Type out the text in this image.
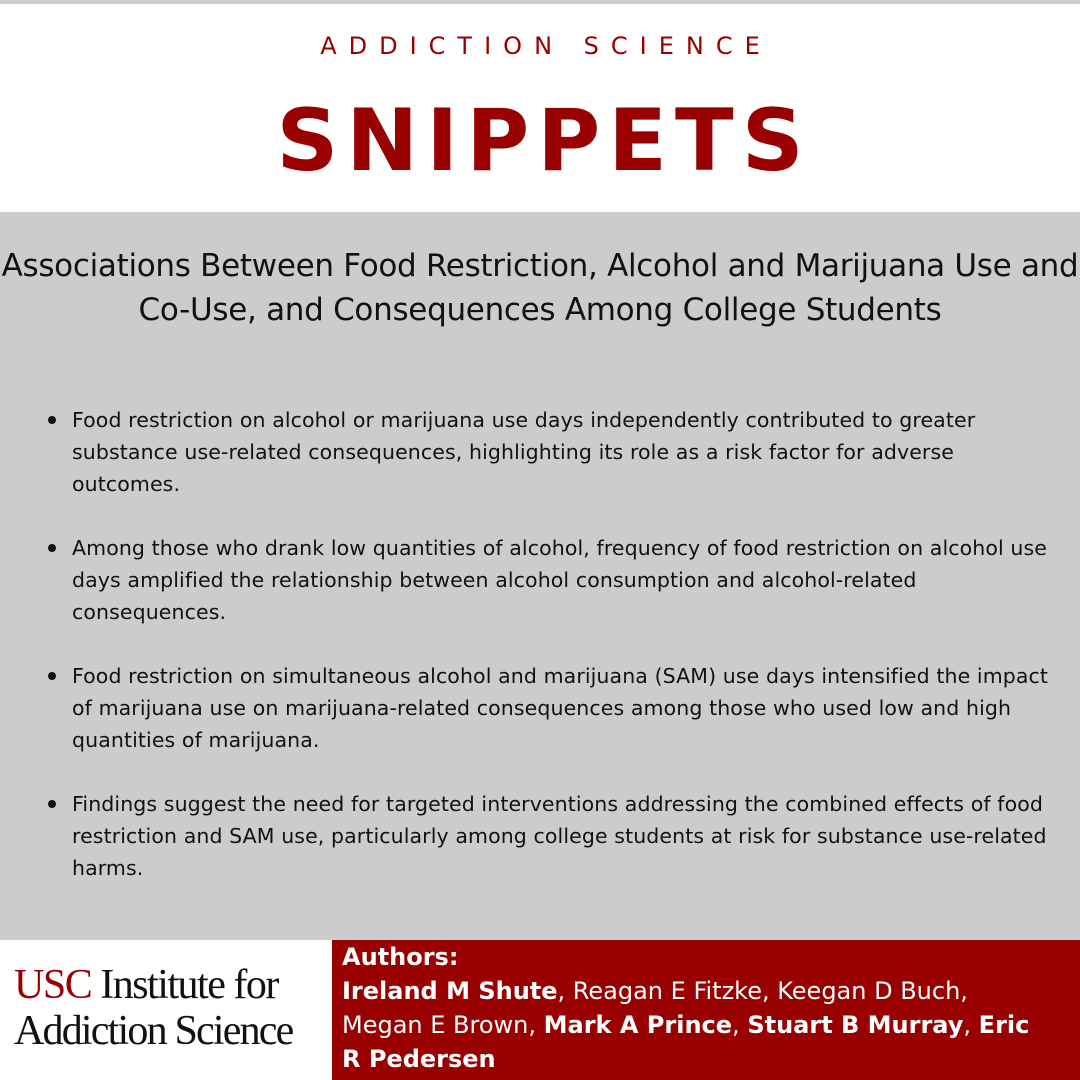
ADDICTION SCIENCE
SNIPPETS
Associations Between Food Restriction, Alcohol and Marijuana Use and Co-Use, and Consequences Among College Students
Food restriction on alcohol or marijuana use days independently contributed to greater substance use-related consequences, highlighting its role as a risk factor for adverse outcomes.
Among those who drank low quantities of alcohol, frequency of food restriction on alcohol use days amplified the relationship between alcohol consumption and alcohol-related consequences.
Food restriction on simultaneous alcohol and marijuana (SAM) use days intensified the impact of marijuana use on marijuana-related consequences among those who used low and high quantities of marijuana.
Findings suggest the need for targeted interventions addressing the combined effects of food restriction and SAM use, particularly among college students at risk for substance use-related harms.
USC Institute for
Addiction Science
Authors:
Ireland M Shute, Reagan E Fitzke, Keegan D Buch, Megan E Brown, Mark A Prince, Stuart B Murray, Eric R Pedersen
